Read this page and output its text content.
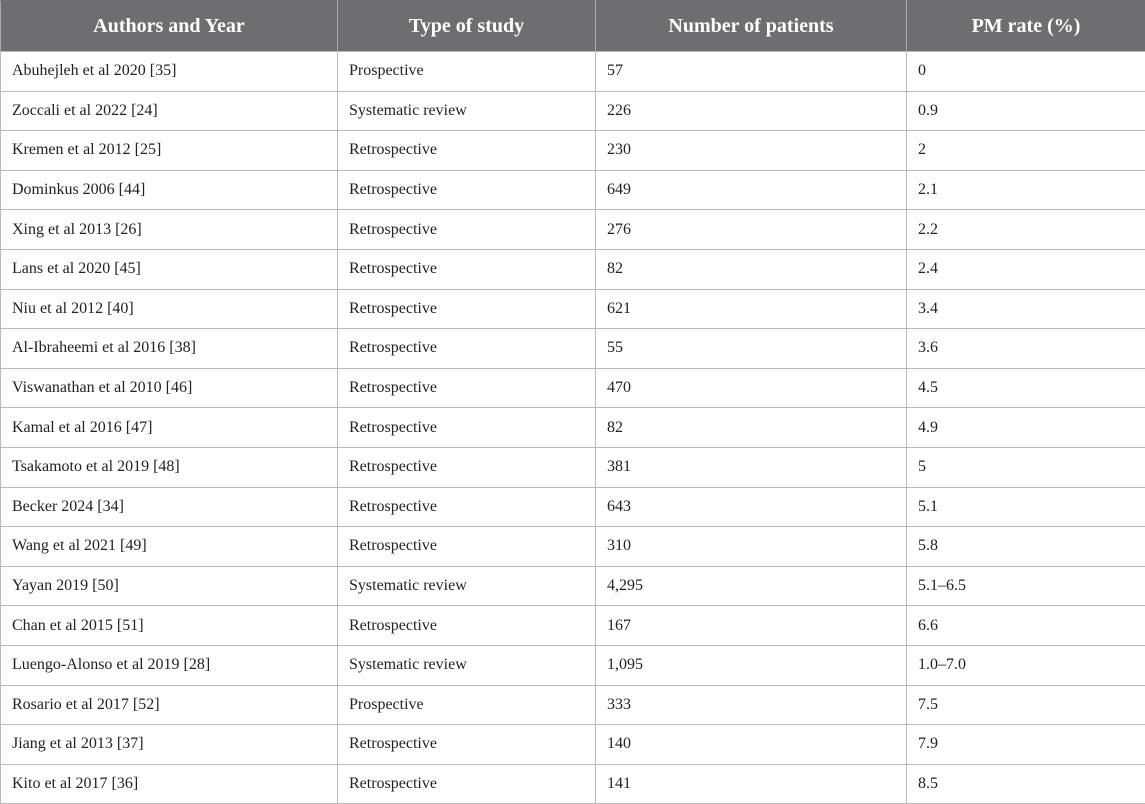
Authors and Year	Type of study	Number of patients	PM rate (%)
Abuhejleh et al 2020 [35]	Prospective	57	0
Zoccali et al 2022 [24]	Systematic review	226	0.9
Kremen et al 2012 [25]	Retrospective	230	2
Dominkus 2006 [44]	Retrospective	649	2.1
Xing et al 2013 [26]	Retrospective	276	2.2
Lans et al 2020 [45]	Retrospective	82	2.4
Niu et al 2012 [40]	Retrospective	621	3.4
Al-Ibraheemi et al 2016 [38]	Retrospective	55	3.6
Viswanathan et al 2010 [46]	Retrospective	470	4.5
Kamal et al 2016 [47]	Retrospective	82	4.9
Tsakamoto et al 2019 [48]	Retrospective	381	5
Becker 2024 [34]	Retrospective	643	5.1
Wang et al 2021 [49]	Retrospective	310	5.8
Yayan 2019 [50]	Systematic review	4,295	5.1–6.5
Chan et al 2015 [51]	Retrospective	167	6.6
Luengo-Alonso et al 2019 [28]	Systematic review	1,095	1.0–7.0
Rosario et al 2017 [52]	Prospective	333	7.5
Jiang et al 2013 [37]	Retrospective	140	7.9
Kito et al 2017 [36]	Retrospective	141	8.5
